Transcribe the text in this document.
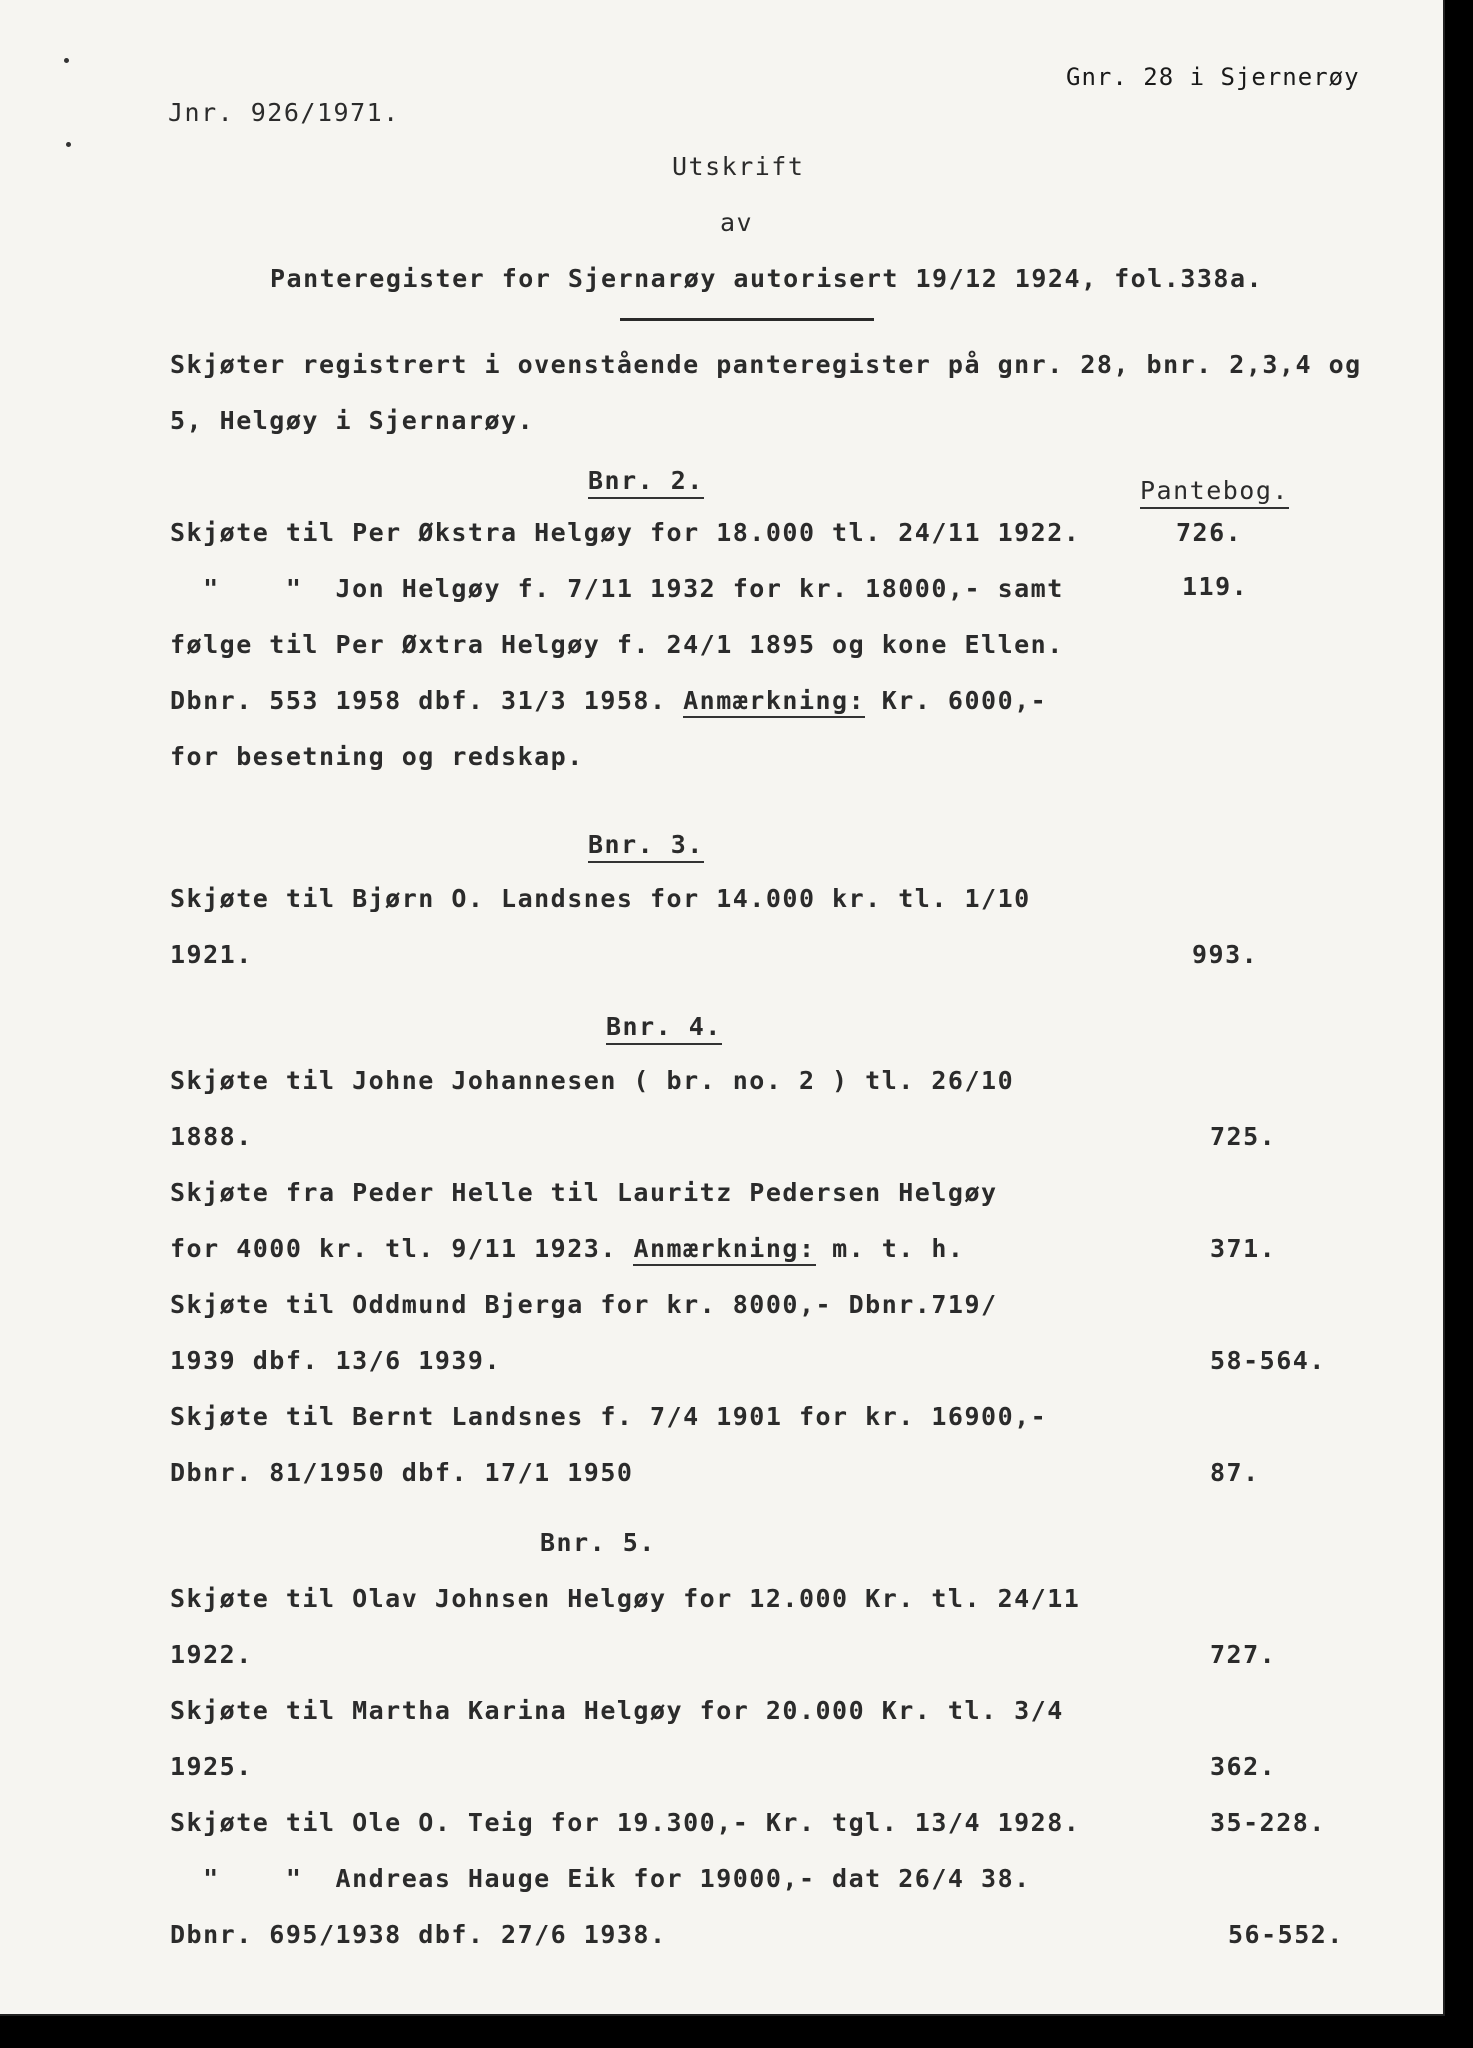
Gnr. 28 i Sjernerøy
Jnr. 926/1971.
Utskrift
av
Panteregister for Sjernarøy autorisert 19/12 1924, fol.338a.
Skjøter registrert i ovenstående panteregister på gnr. 28, bnr. 2,3,4 og
5, Helgøy i Sjernarøy.
Pantebog.
Bnr. 2.
Skjøte til Per Økstra Helgøy for 18.000 tl. 24/11 1922.	726.
"    "  Jon Helgøy f. 7/11 1932 for kr. 18000,- samt	119.
følge til Per Øxtra Helgøy f. 24/1 1895 og kone Ellen.
Dbnr. 553 1958 dbf. 31/3 1958. Anmærkning: Kr. 6000,-
for besetning og redskap.
Bnr. 3.
Skjøte til Bjørn O. Landsnes for 14.000 kr. tl. 1/10
1921.	993.
Bnr. 4.
Skjøte til Johne Johannesen ( br. no. 2 ) tl. 26/10
1888.	725.
Skjøte fra Peder Helle til Lauritz Pedersen Helgøy
for 4000 kr. tl. 9/11 1923. Anmærkning: m. t. h.	371.
Skjøte til Oddmund Bjerga for kr. 8000,- Dbnr.719/
1939 dbf. 13/6 1939.	58-564.
Skjøte til Bernt Landsnes f. 7/4 1901 for kr. 16900,-
Dbnr. 81/1950 dbf. 17/1 1950	87.
Bnr. 5.
Skjøte til Olav Johnsen Helgøy for 12.000 Kr. tl. 24/11
1922.	727.
Skjøte til Martha Karina Helgøy for 20.000 Kr. tl. 3/4
1925.	362.
Skjøte til Ole O. Teig for 19.300,- Kr. tgl. 13/4 1928.	35-228.
"    "  Andreas Hauge Eik for 19000,- dat 26/4 38.
Dbnr. 695/1938 dbf. 27/6 1938.	56-552.
